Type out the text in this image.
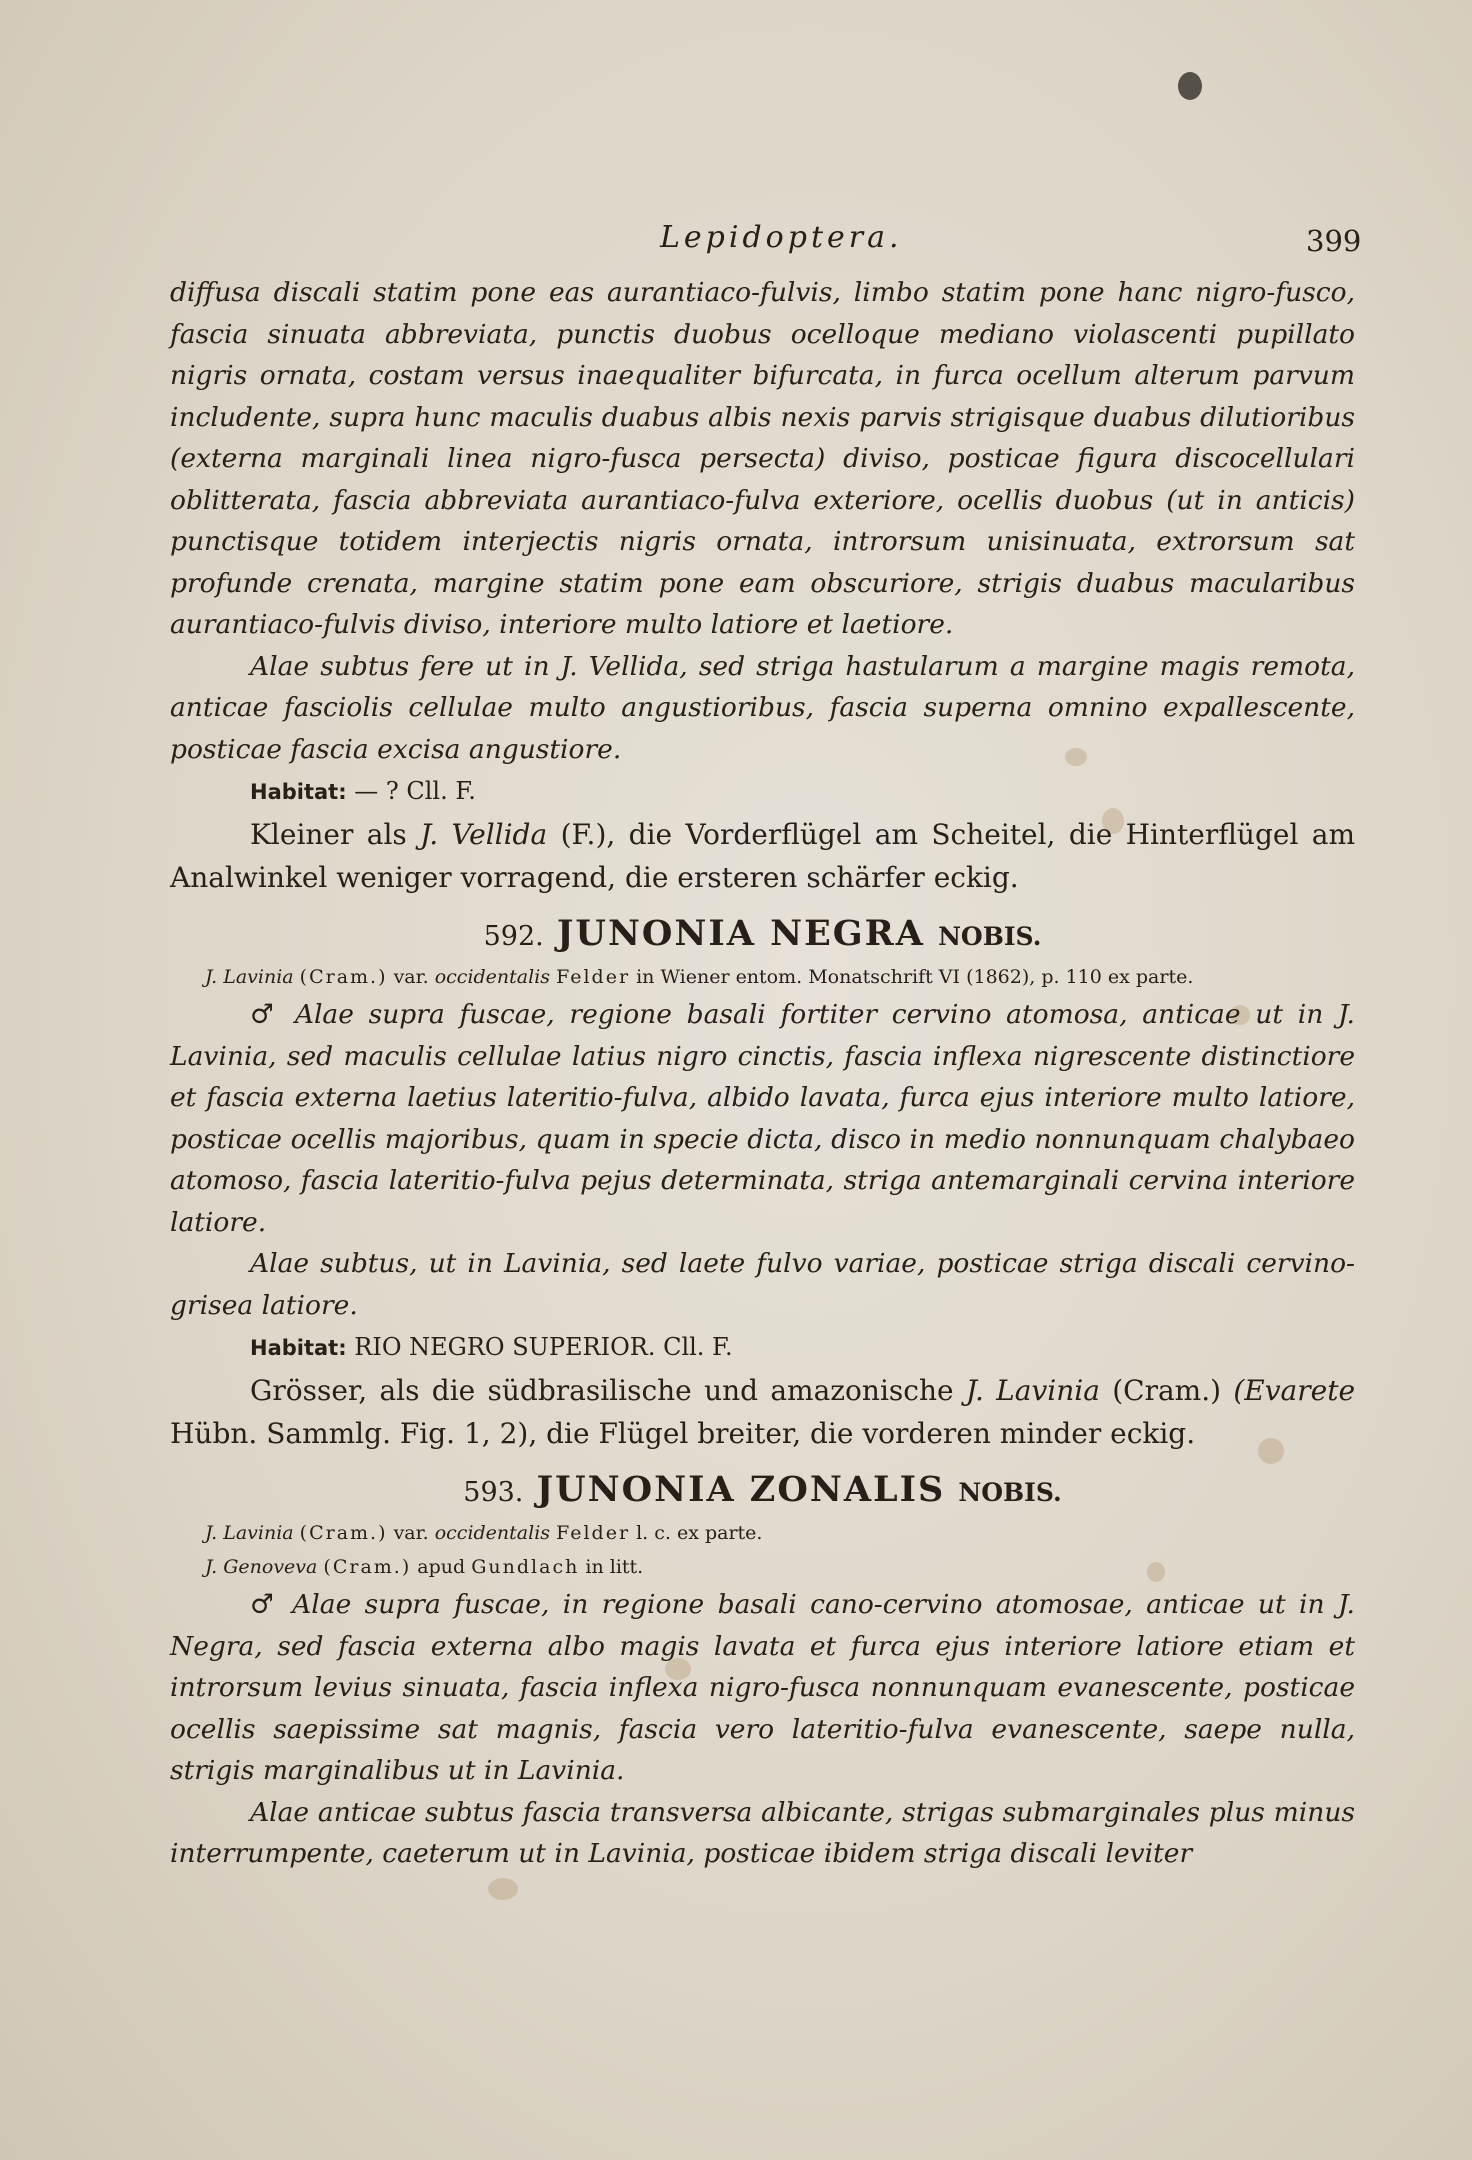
Lepidoptera.	399

diffusa discali statim pone eas aurantiaco-fulvis, limbo statim pone hanc nigro-fusco, fascia sinuata abbreviata, punctis duobus ocelloque mediano violascenti pupillato nigris ornata, costam versus inaequaliter bifurcata, in furca ocellum alterum parvum includente, supra hunc maculis duabus albis nexis parvis strigisque duabus dilutioribus (externa marginali linea nigro-fusca persecta) diviso, posticae figura discocellulari oblitterata, fascia abbreviata aurantiaco-fulva exteriore, ocellis duobus (ut in anticis) punctisque totidem interjectis nigris ornata, introrsum unisinuata, extrorsum sat profunde crenata, margine statim pone eam obscuriore, strigis duabus macularibus aurantiaco-fulvis diviso, interiore multo latiore et laetiore.

Alae subtus fere ut in J. Vellida, sed striga hastularum a margine magis remota, anticae fasciolis cellulae multo angustioribus, fascia superna omnino expallescente, posticae fascia excisa angustiore.

Habitat: — ? Cll. F.

Kleiner als J. Vellida (F.), die Vorderflügel am Scheitel, die Hinterflügel am Analwinkel weniger vorragend, die ersteren schärfer eckig.

592. JUNONIA NEGRA NOBIS.

J. Lavinia (Cram.) var. occidentalis Felder in Wiener entom. Monatschrift VI (1862), p. 110 ex parte.

♂ Alae supra fuscae, regione basali fortiter cervino atomosa, anticae ut in J. Lavinia, sed maculis cellulae latius nigro cinctis, fascia inflexa nigrescente distinctiore et fascia externa laetius lateritio-fulva, albido lavata, furca ejus interiore multo latiore, posticae ocellis majoribus, quam in specie dicta, disco in medio nonnunquam chalybaeo atomoso, fascia lateritio-fulva pejus determinata, striga antemarginali cervina interiore latiore.

Alae subtus, ut in Lavinia, sed laete fulvo variae, posticae striga discali cervino-grisea latiore.

Habitat: RIO NEGRO SUPERIOR. Cll. F.

Grösser, als die südbrasilische und amazonische J. Lavinia (Cram.) (Evarete Hübn. Sammlg. Fig. 1, 2), die Flügel breiter, die vorderen minder eckig.

593. JUNONIA ZONALIS NOBIS.

J. Lavinia (Cram.) var. occidentalis Felder l. c. ex parte.

J. Genoveva (Cram.) apud Gundlach in litt.

♂ Alae supra fuscae, in regione basali cano-cervino atomosae, anticae ut in J. Negra, sed fascia externa albo magis lavata et furca ejus interiore latiore etiam et introrsum levius sinuata, fascia inflexa nigro-fusca nonnunquam evanescente, posticae ocellis saepissime sat magnis, fascia vero lateritio-fulva evanescente, saepe nulla, strigis marginalibus ut in Lavinia.

Alae anticae subtus fascia transversa albicante, strigas submarginales plus minus interrumpente, caeterum ut in Lavinia, posticae ibidem striga discali leviter
